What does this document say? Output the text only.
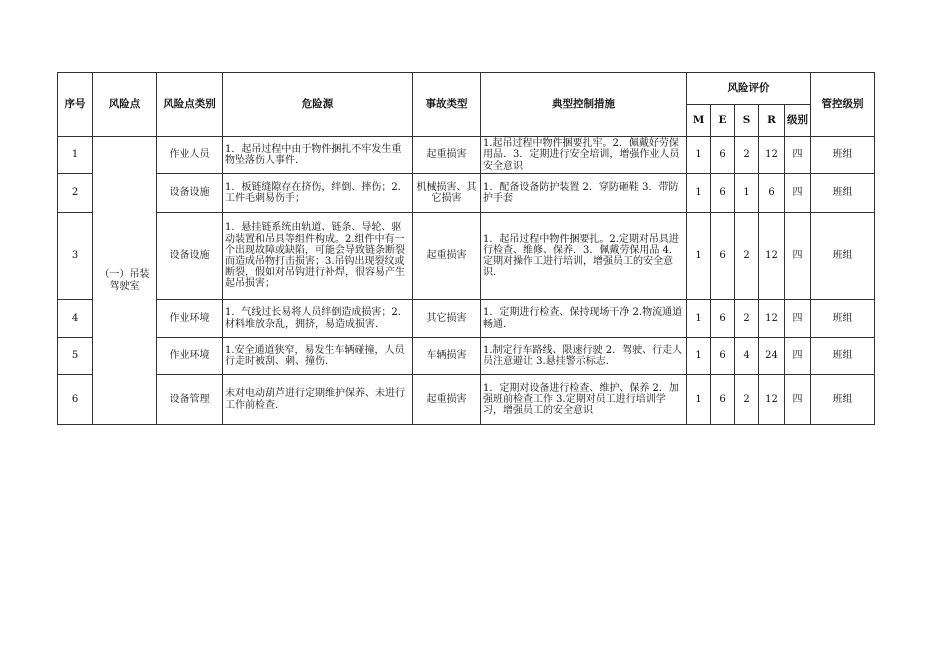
序号	风险点	风险点类别	危险源	事故类型	典型控制措施	风险评价					管控级别
						M	E	S	R	级别	
1	（一）吊装驾驶室	作业人员	1．起吊过程中由于物件捆扎不牢发生重物坠落伤人事件．	起重损害	1.起吊过程中物件捆要扎牢。2．佩戴好劳保用品．3．定期进行安全培训，增强作业人员安全意识	1	6	2	12	四	班组
2		设备设施	1．板链缝隙存在挤伤，绊倒、摔伤；2．工件毛刺易伤手；	机械损害、其它损害	1．配备设备防护装置 2．穿防砸鞋 3．带防护手套	1	6	1	6	四	班组
3		设备设施	1．悬挂链系统由轨道、链条、导轮、驱动装置和吊具等组件构成。2.组件中有一个出现故障或缺陷，可能会导致链条断裂而造成吊物打击损害；3.吊钩出现裂纹或断裂，假如对吊钩进行补焊，很容易产生起吊损害；	起重损害	1．起吊过程中物件捆要扎。2.定期对吊具进行检查、维修、保养．3．佩戴劳保用品 4．定期对操作工进行培训，增强员工的安全意识．	1	6	2	12	四	班组
4		作业环境	1．气线过长易将人员绊倒造成损害；2．材料堆放杂乱，拥挤，易造成损害．	其它损害	1．定期进行检查、保持现场干净 2.物流通道畅通．	1	6	2	12	四	班组
5		作业环境	1.安全通道狭窄，易发生车辆碰撞，人员行走时被刮、刺、撞伤．	车辆损害	1.制定行车路线、限速行驶 2．驾驶、行走人员注意避让 3.悬挂警示标志．	1	6	4	24	四	班组
6		设备管理	未对电动葫芦进行定期维护保养、未进行工作前检查．	起重损害	1．定期对设备进行检查、维护、保养 2．加强班前检查工作 3.定期对员工进行培训学习，增强员工的安全意识	1	6	2	12	四	班组
